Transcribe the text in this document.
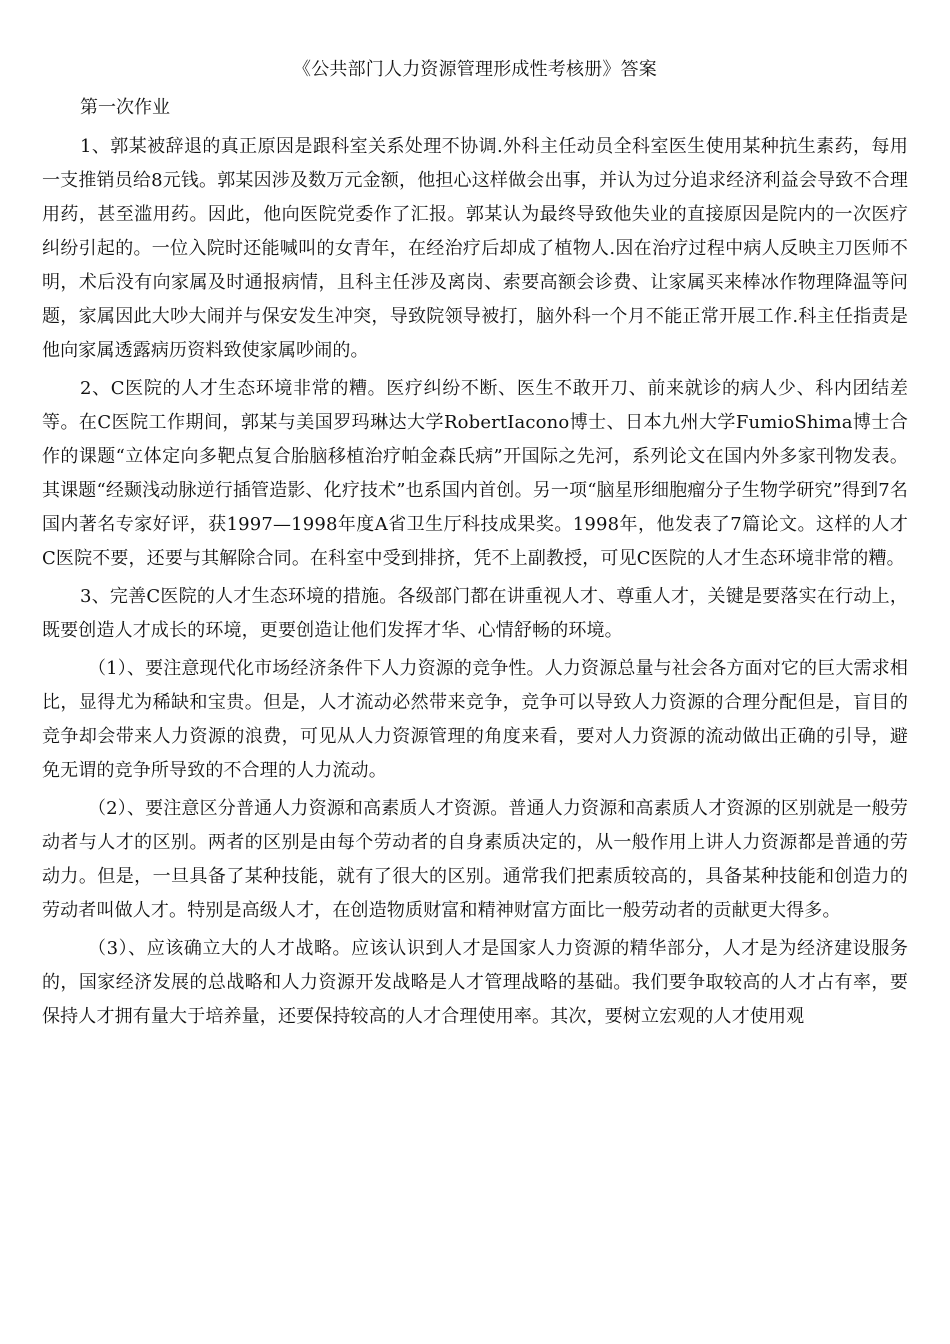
《公共部门人力资源管理形成性考核册》答案
第一次作业

1、郭某被辞退的真正原因是跟科室关系处理不协调.外科主任动员全科室医生使用某种抗生素药，每用一支推销员给8元钱。郭某因涉及数万元金额，他担心这样做会出事，并认为过分追求经济利益会导致不合理用药，甚至滥用药。因此，他向医院党委作了汇报。郭某认为最终导致他失业的直接原因是院内的一次医疗纠纷引起的。一位入院时还能喊叫的女青年，在经治疗后却成了植物人.因在治疗过程中病人反映主刀医师不明，术后没有向家属及时通报病情，且科主任涉及离岗、索要高额会诊费、让家属买来棒冰作物理降温等问题，家属因此大吵大闹并与保安发生冲突，导致院领导被打，脑外科一个月不能正常开展工作.科主任指责是他向家属透露病历资料致使家属吵闹的。

2、C医院的人才生态环境非常的糟。医疗纠纷不断、医生不敢开刀、前来就诊的病人少、科内团结差等。在C医院工作期间，郭某与美国罗玛琳达大学RobertIacono博士、日本九州大学FumioShima博士合作的课题“立体定向多靶点复合胎脑移植治疗帕金森氏病”开国际之先河，系列论文在国内外多家刊物发表。其课题“经颞浅动脉逆行插管造影、化疗技术”也系国内首创。另一项“脑星形细胞瘤分子生物学研究”得到7名国内著名专家好评，获1997—1998年度A省卫生厅科技成果奖。1998年，他发表了7篇论文。这样的人才C医院不要，还要与其解除合同。在科室中受到排挤，凭不上副教授，可见C医院的人才生态环境非常的糟。

3、完善C医院的人才生态环境的措施。各级部门都在讲重视人才、尊重人才，关键是要落实在行动上，既要创造人才成长的环境，更要创造让他们发挥才华、心情舒畅的环境。

（1）、要注意现代化市场经济条件下人力资源的竞争性。人力资源总量与社会各方面对它的巨大需求相比，显得尤为稀缺和宝贵。但是，人才流动必然带来竞争，竞争可以导致人力资源的合理分配但是，盲目的竞争却会带来人力资源的浪费，可见从人力资源管理的角度来看，要对人力资源的流动做出正确的引导，避免无谓的竞争所导致的不合理的人力流动。

（2）、要注意区分普通人力资源和高素质人才资源。普通人力资源和高素质人才资源的区别就是一般劳动者与人才的区别。两者的区别是由每个劳动者的自身素质决定的，从一般作用上讲人力资源都是普通的劳动力。但是，一旦具备了某种技能，就有了很大的区别。通常我们把素质较高的，具备某种技能和创造力的劳动者叫做人才。特别是高级人才，在创造物质财富和精神财富方面比一般劳动者的贡献更大得多。

（3）、应该确立大的人才战略。应该认识到人才是国家人力资源的精华部分，人才是为经济建设服务的，国家经济发展的总战略和人力资源开发战略是人才管理战略的基础。我们要争取较高的人才占有率，要保持人才拥有量大于培养量，还要保持较高的人才合理使用率。其次，要树立宏观的人才使用观
